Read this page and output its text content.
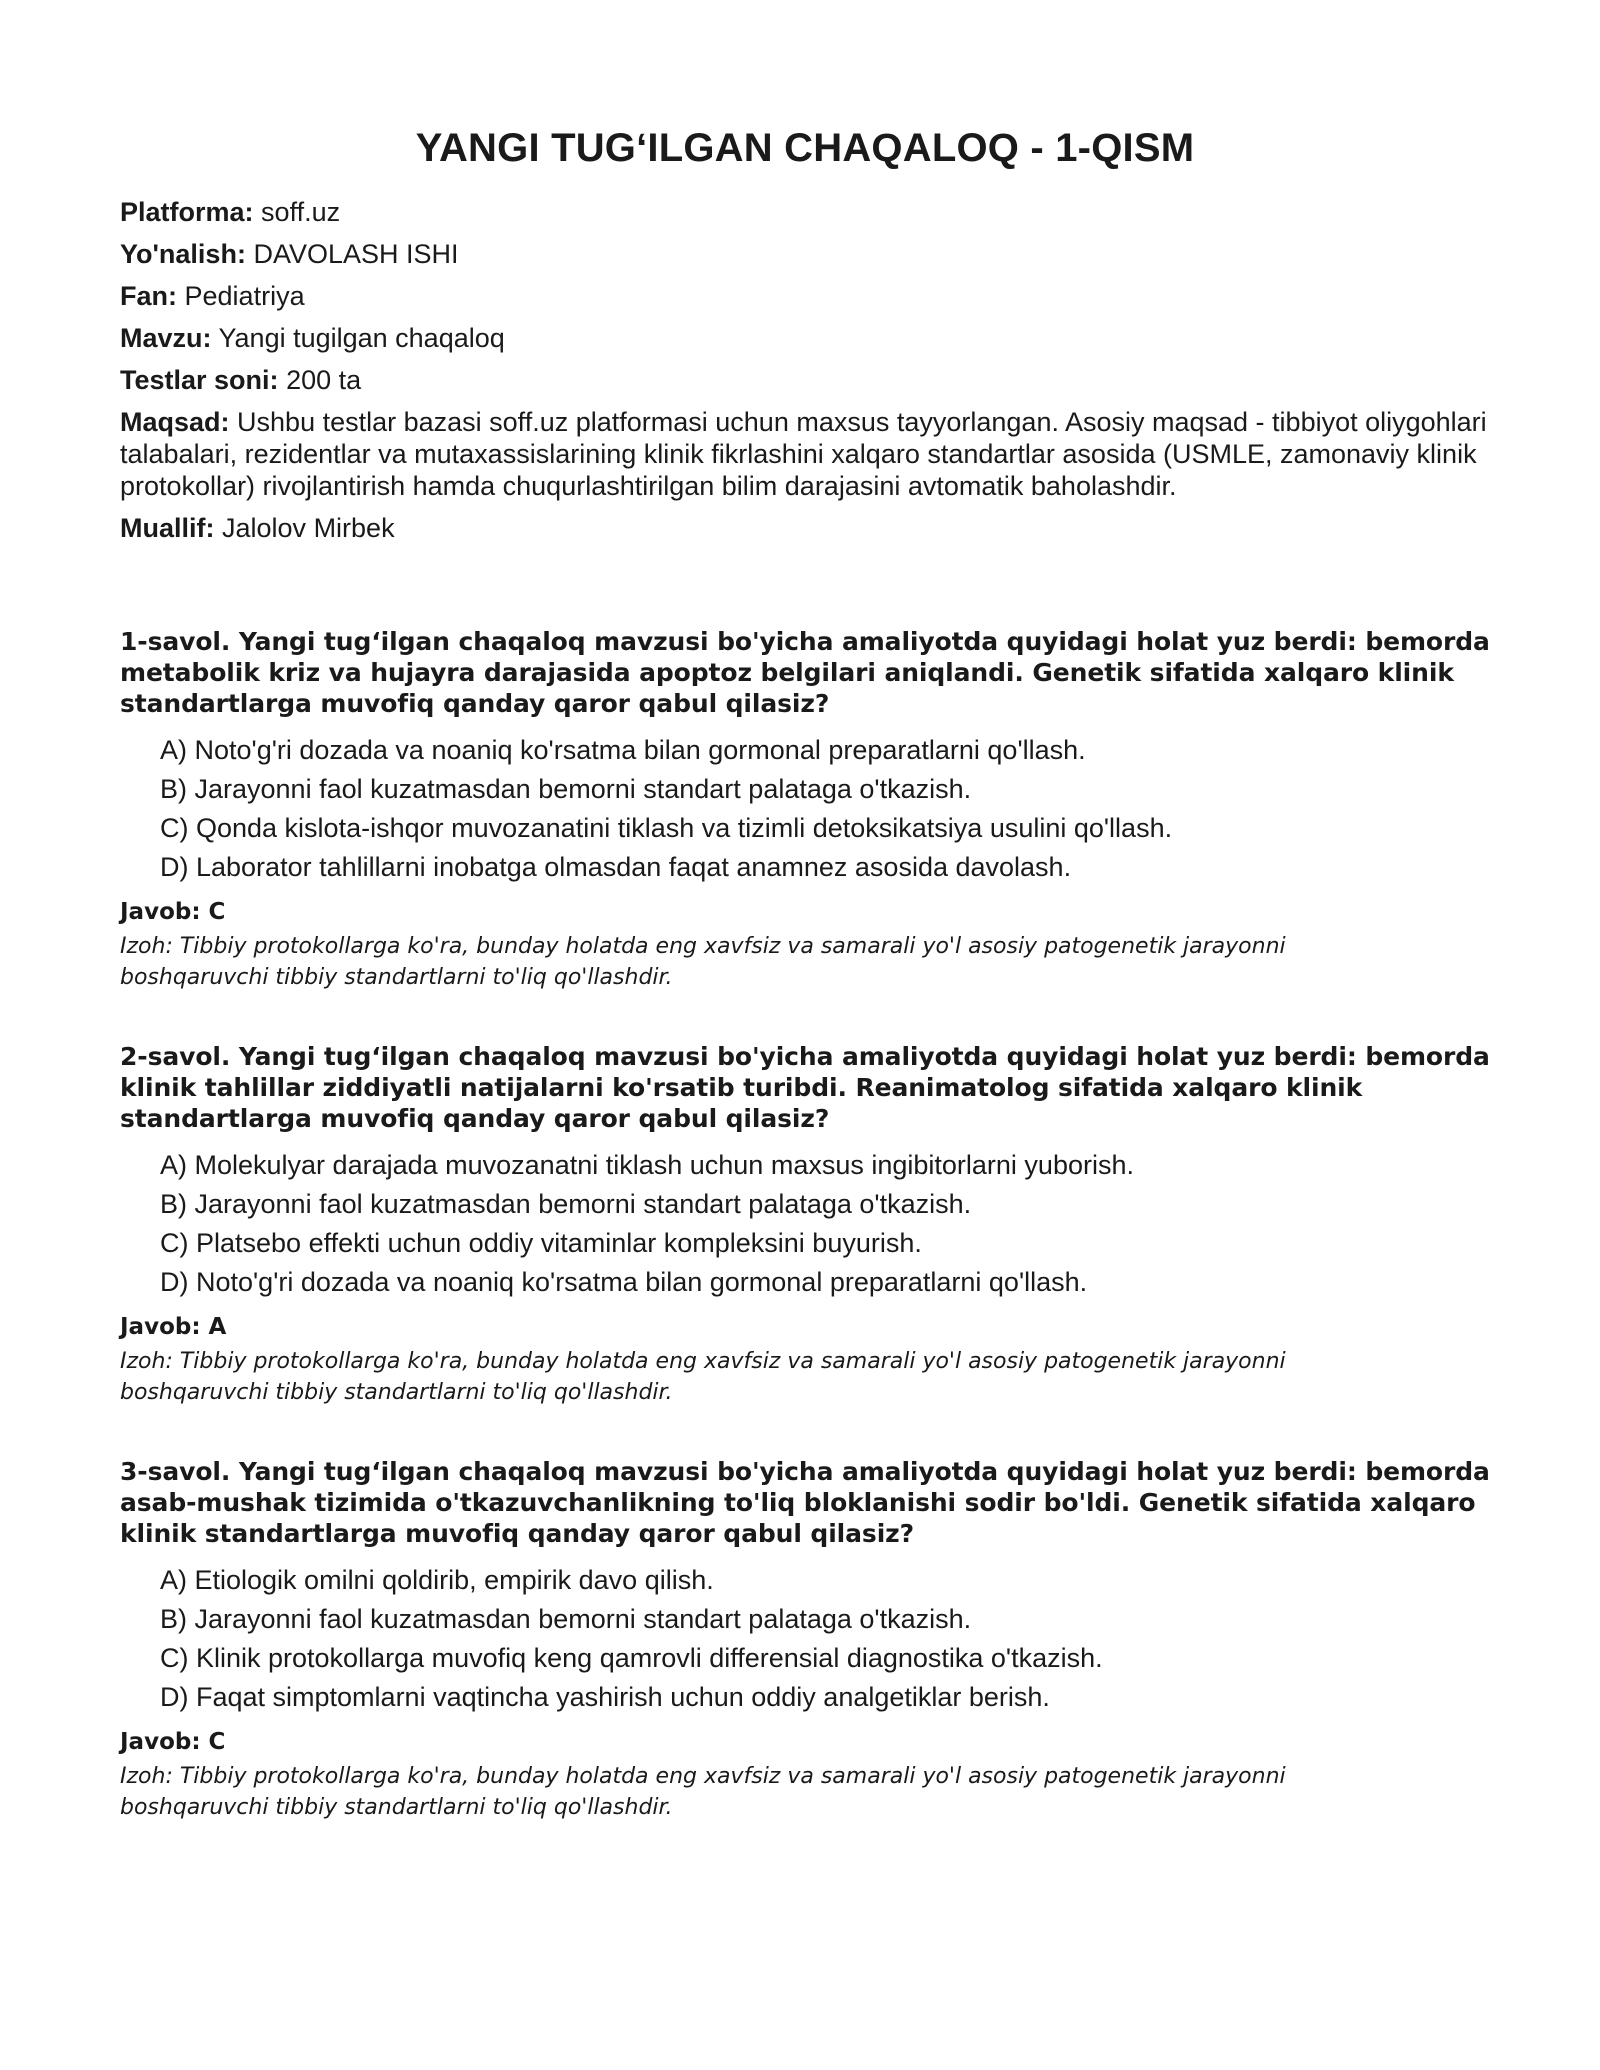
YANGI TUG‘ILGAN CHAQALOQ - 1-QISM

Platforma: soff.uz

Yo'nalish: DAVOLASH ISHI

Fan: Pediatriya

Mavzu: Yangi tugilgan chaqaloq

Testlar soni: 200 ta

Maqsad: Ushbu testlar bazasi soff.uz platformasi uchun maxsus tayyorlangan. Asosiy maqsad - tibbiyot oliygohlari talabalari, rezidentlar va mutaxassislarining klinik fikrlashini xalqaro standartlar asosida (USMLE, zamonaviy klinik protokollar) rivojlantirish hamda chuqurlashtirilgan bilim darajasini avtomatik baholashdir.

Muallif: Jalolov Mirbek

1-savol. Yangi tug‘ilgan chaqaloq mavzusi bo'yicha amaliyotda quyidagi holat yuz berdi: bemorda metabolik kriz va hujayra darajasida apoptoz belgilari aniqlandi. Genetik sifatida xalqaro klinik standartlarga muvofiq qanday qaror qabul qilasiz?

A) Noto'g'ri dozada va noaniq ko'rsatma bilan gormonal preparatlarni qo'llash.
B) Jarayonni faol kuzatmasdan bemorni standart palataga o'tkazish.
C) Qonda kislota-ishqor muvozanatini tiklash va tizimli detoksikatsiya usulini qo'llash.
D) Laborator tahlillarni inobatga olmasdan faqat anamnez asosida davolash.

Javob: C

Izoh: Tibbiy protokollarga ko'ra, bunday holatda eng xavfsiz va samarali yo'l asosiy patogenetik jarayonni boshqaruvchi tibbiy standartlarni to'liq qo'llashdir.

2-savol. Yangi tug‘ilgan chaqaloq mavzusi bo'yicha amaliyotda quyidagi holat yuz berdi: bemorda klinik tahlillar ziddiyatli natijalarni ko'rsatib turibdi. Reanimatolog sifatida xalqaro klinik standartlarga muvofiq qanday qaror qabul qilasiz?

A) Molekulyar darajada muvozanatni tiklash uchun maxsus ingibitorlarni yuborish.
B) Jarayonni faol kuzatmasdan bemorni standart palataga o'tkazish.
C) Platsebo effekti uchun oddiy vitaminlar kompleksini buyurish.
D) Noto'g'ri dozada va noaniq ko'rsatma bilan gormonal preparatlarni qo'llash.

Javob: A

Izoh: Tibbiy protokollarga ko'ra, bunday holatda eng xavfsiz va samarali yo'l asosiy patogenetik jarayonni boshqaruvchi tibbiy standartlarni to'liq qo'llashdir.

3-savol. Yangi tug‘ilgan chaqaloq mavzusi bo'yicha amaliyotda quyidagi holat yuz berdi: bemorda asab-mushak tizimida o'tkazuvchanlikning to'liq bloklanishi sodir bo'ldi. Genetik sifatida xalqaro klinik standartlarga muvofiq qanday qaror qabul qilasiz?

A) Etiologik omilni qoldirib, empirik davo qilish.
B) Jarayonni faol kuzatmasdan bemorni standart palataga o'tkazish.
C) Klinik protokollarga muvofiq keng qamrovli differensial diagnostika o'tkazish.
D) Faqat simptomlarni vaqtincha yashirish uchun oddiy analgetiklar berish.

Javob: C

Izoh: Tibbiy protokollarga ko'ra, bunday holatda eng xavfsiz va samarali yo'l asosiy patogenetik jarayonni boshqaruvchi tibbiy standartlarni to'liq qo'llashdir.
